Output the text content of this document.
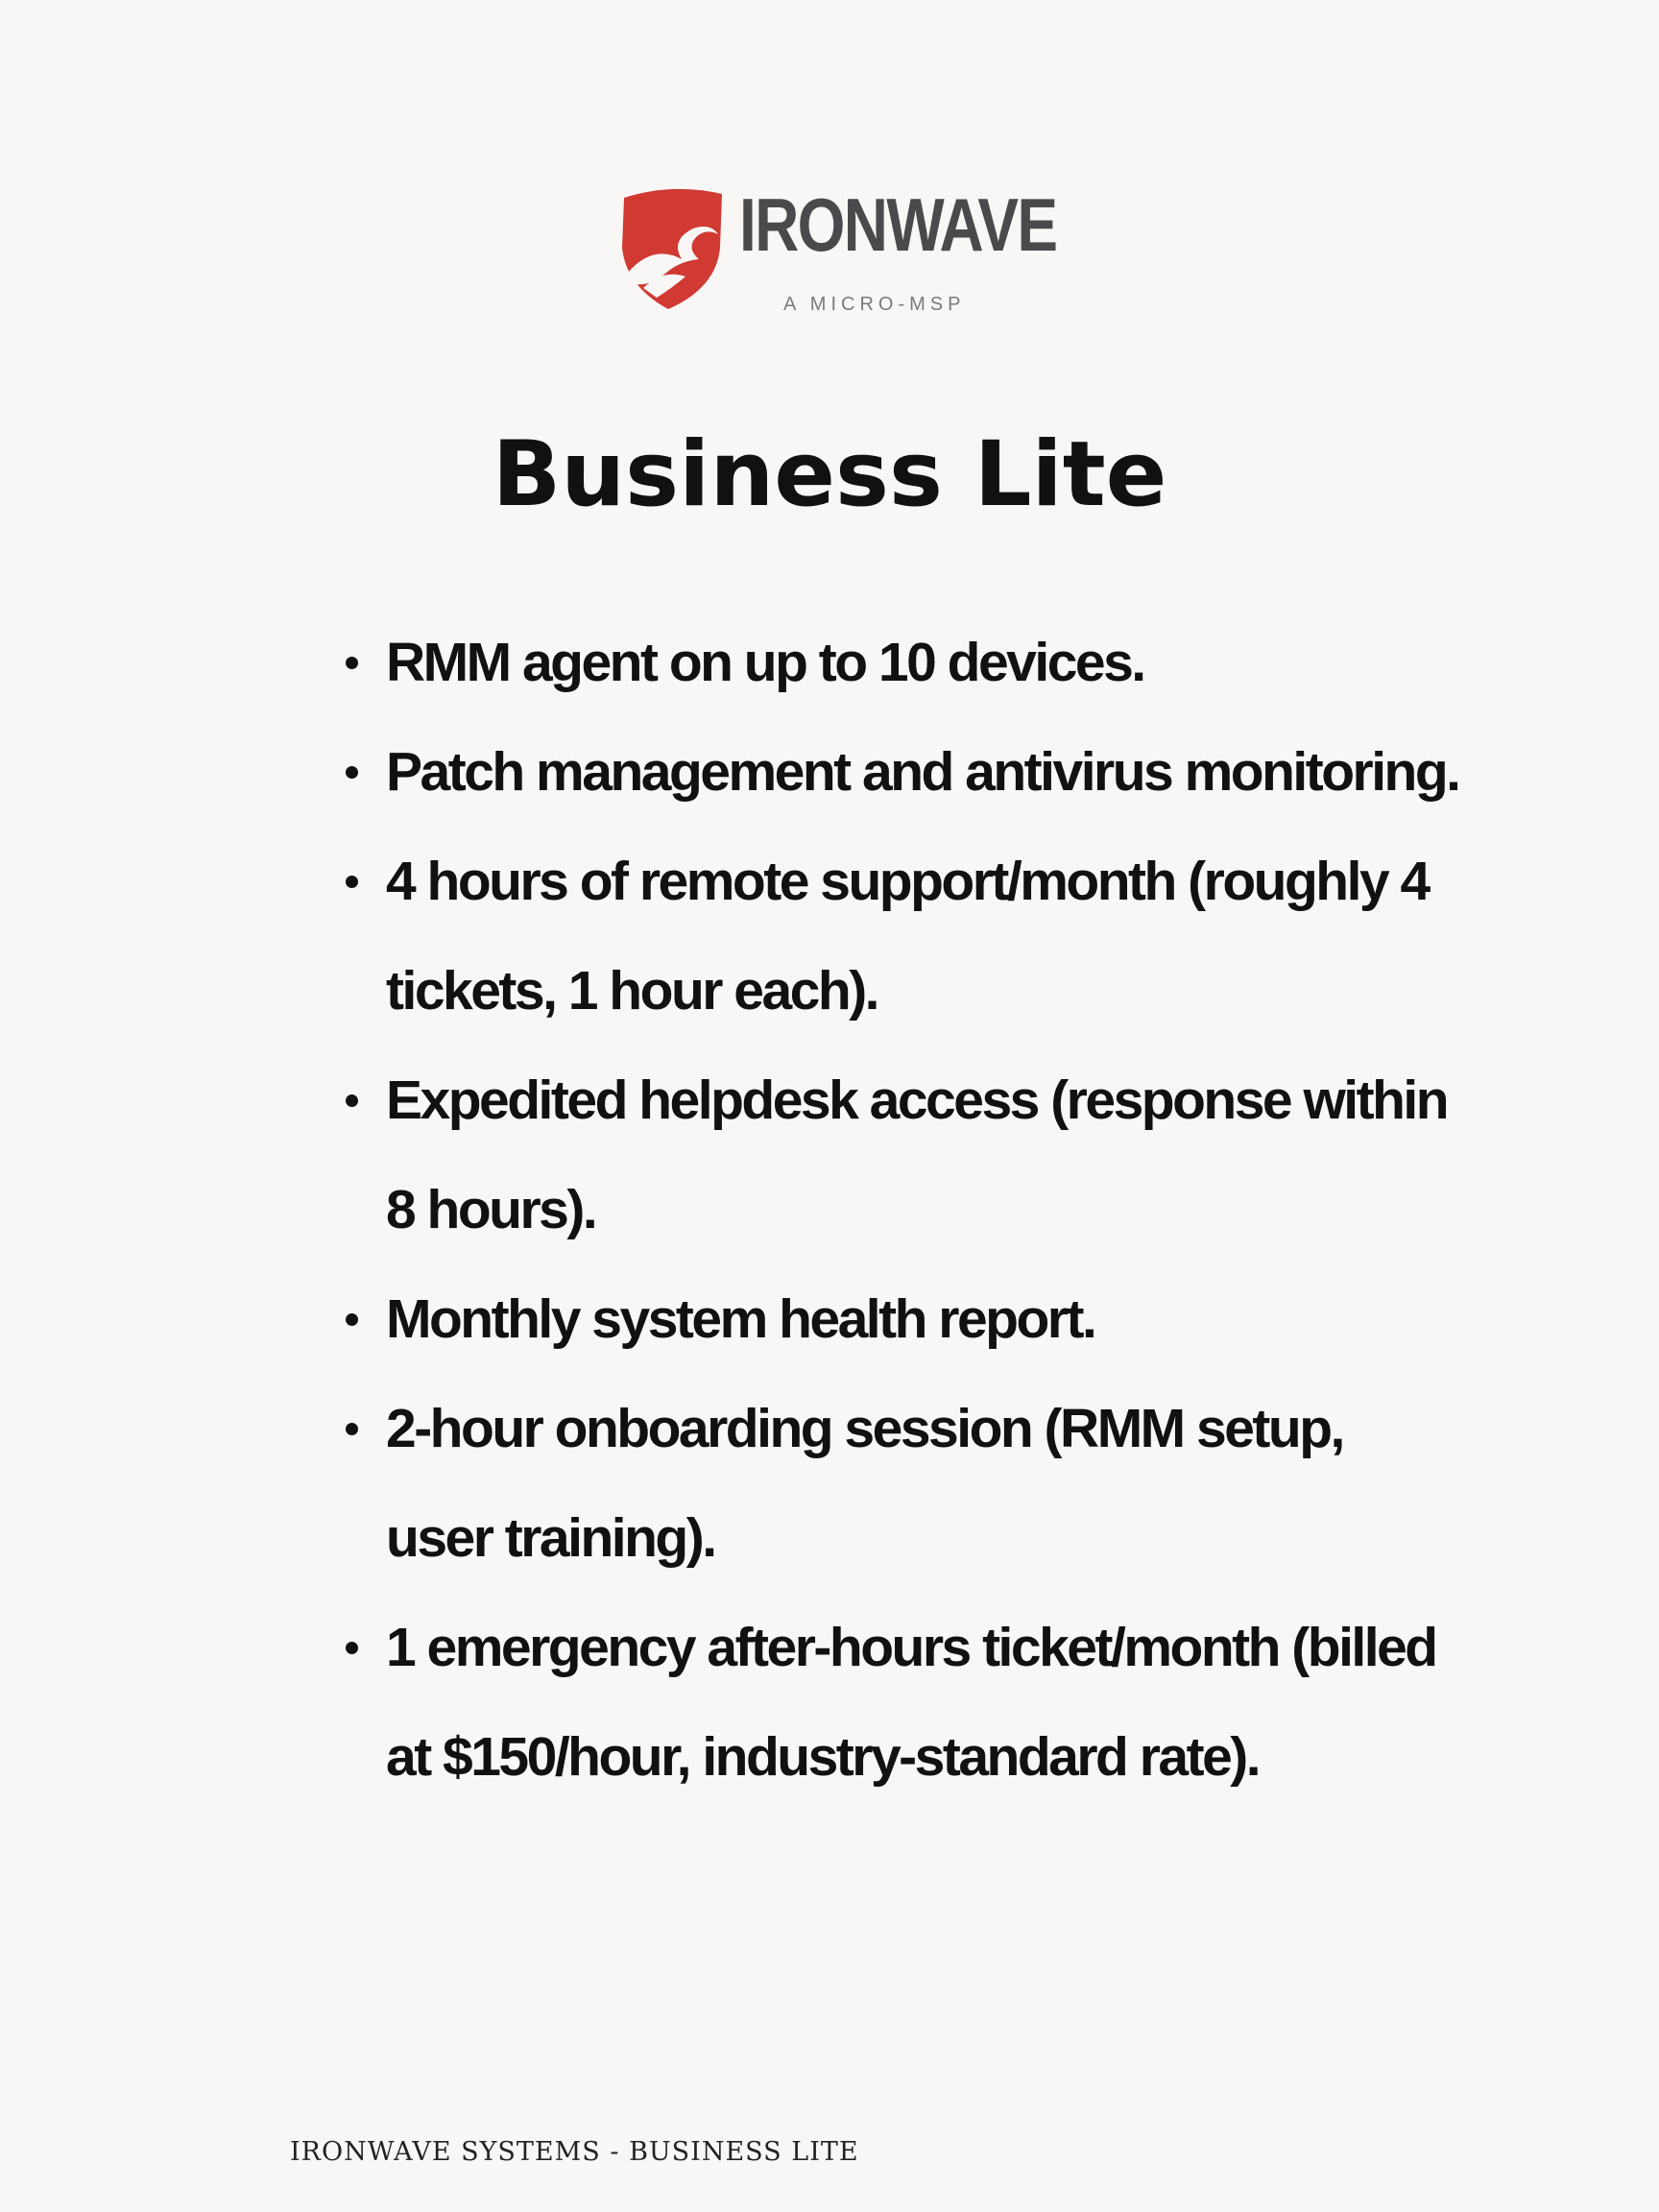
IRONWAVE
A MICRO-MSP
Business Lite
RMM agent on up to 10 devices.
Patch management and antivirus monitoring.
4 hours of remote support/month (roughly 4 tickets, 1 hour each).
Expedited helpdesk access (response within 8 hours).
Monthly system health report.
2-hour onboarding session (RMM setup, user training).
1 emergency after-hours ticket/month (billed at $150/hour, industry-standard rate).
IRONWAVE SYSTEMS - BUSINESS LITE
